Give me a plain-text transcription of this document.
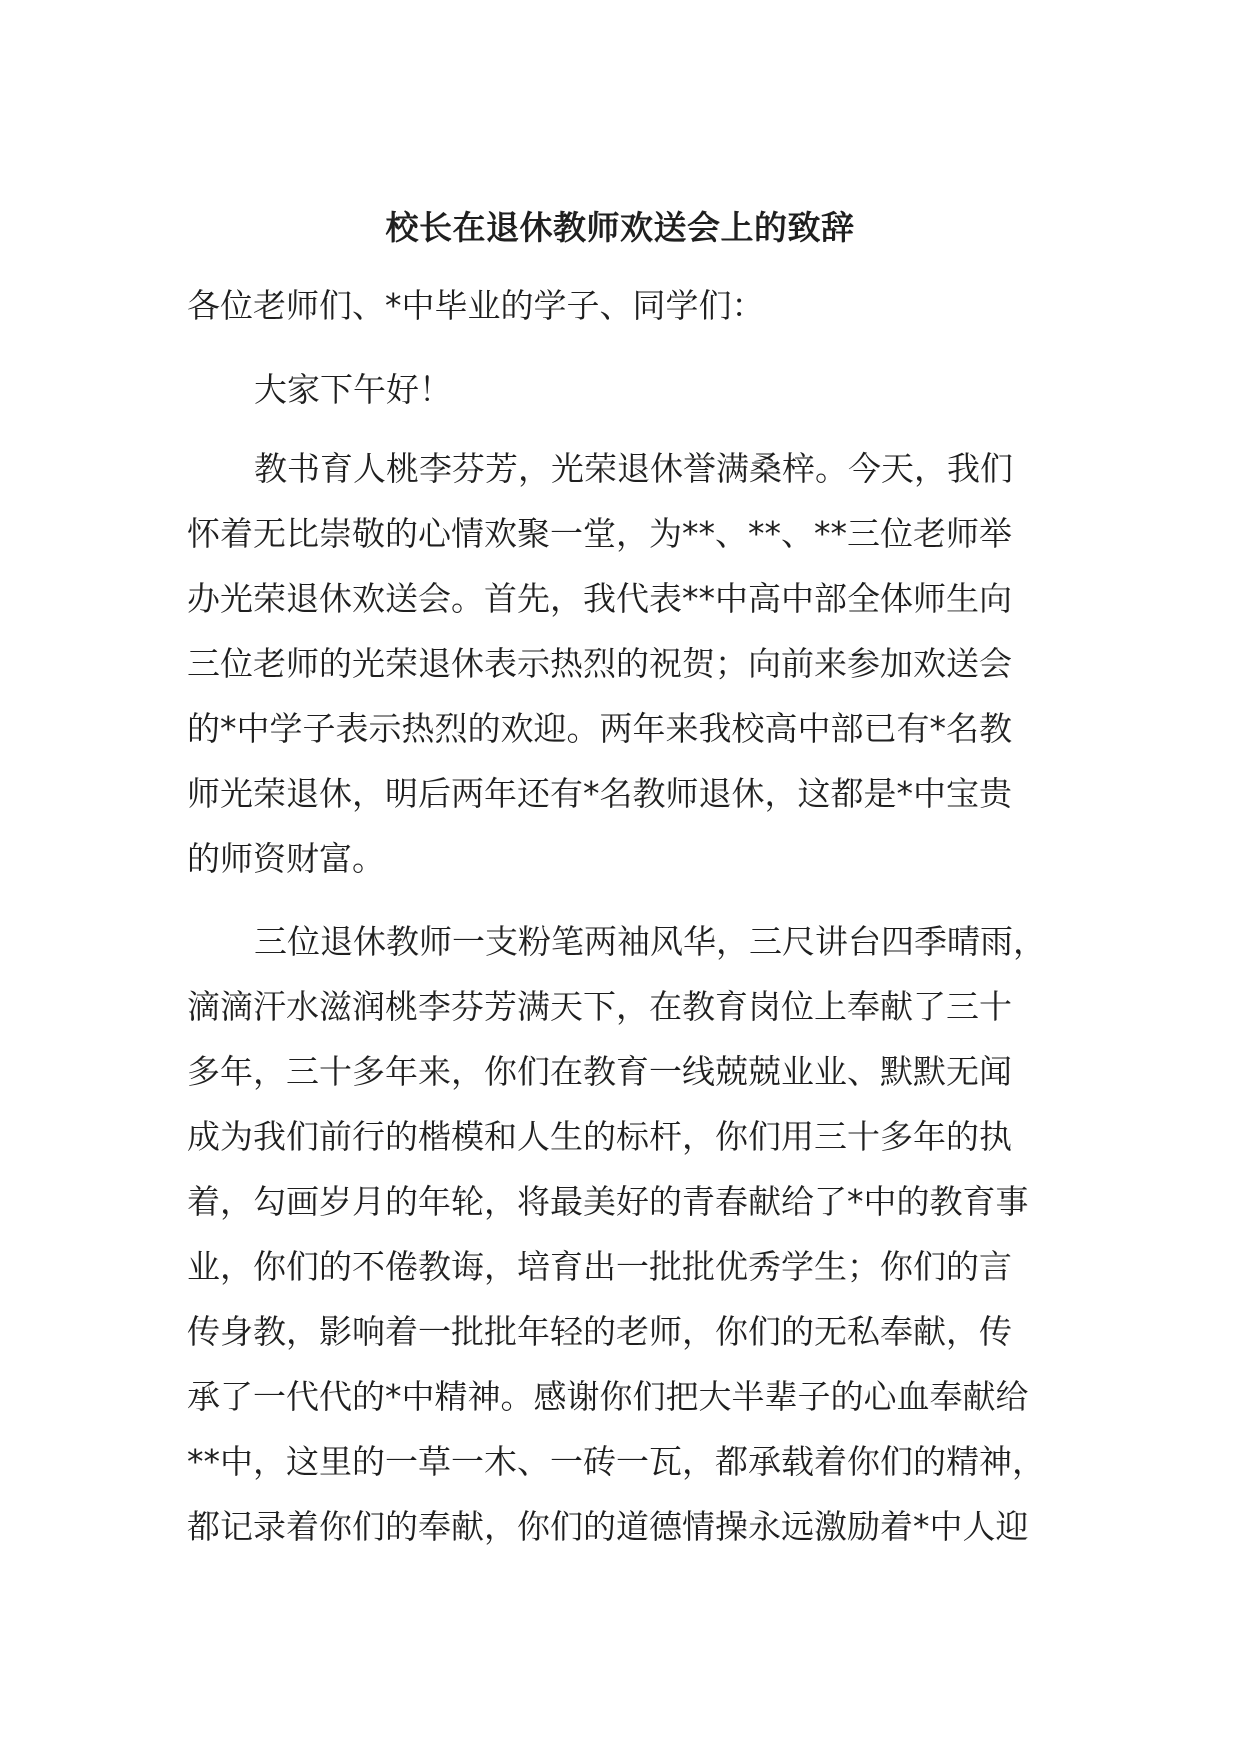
校长在退休教师欢送会上的致辞
各位老师们、*中毕业的学子、同学们：
大家下午好！
教书育人桃李芬芳，光荣退休誉满桑梓。今天，我们
怀着无比崇敬的心情欢聚一堂，为**、**、**三位老师举
办光荣退休欢送会。首先，我代表**中高中部全体师生向
三位老师的光荣退休表示热烈的祝贺；向前来参加欢送会
的*中学子表示热烈的欢迎。两年来我校高中部已有*名教
师光荣退休，明后两年还有*名教师退休，这都是*中宝贵
的师资财富。
三位退休教师一支粉笔两袖风华，三尺讲台四季晴雨，
滴滴汗水滋润桃李芬芳满天下，在教育岗位上奉献了三十
多年，三十多年来，你们在教育一线兢兢业业、默默无闻
成为我们前行的楷模和人生的标杆，你们用三十多年的执
着，勾画岁月的年轮，将最美好的青春献给了*中的教育事
业，你们的不倦教诲，培育出一批批优秀学生；你们的言
传身教，影响着一批批年轻的老师，你们的无私奉献，传
承了一代代的*中精神。感谢你们把大半辈子的心血奉献给
**中，这里的一草一木、一砖一瓦，都承载着你们的精神，
都记录着你们的奉献，你们的道德情操永远激励着*中人迎
